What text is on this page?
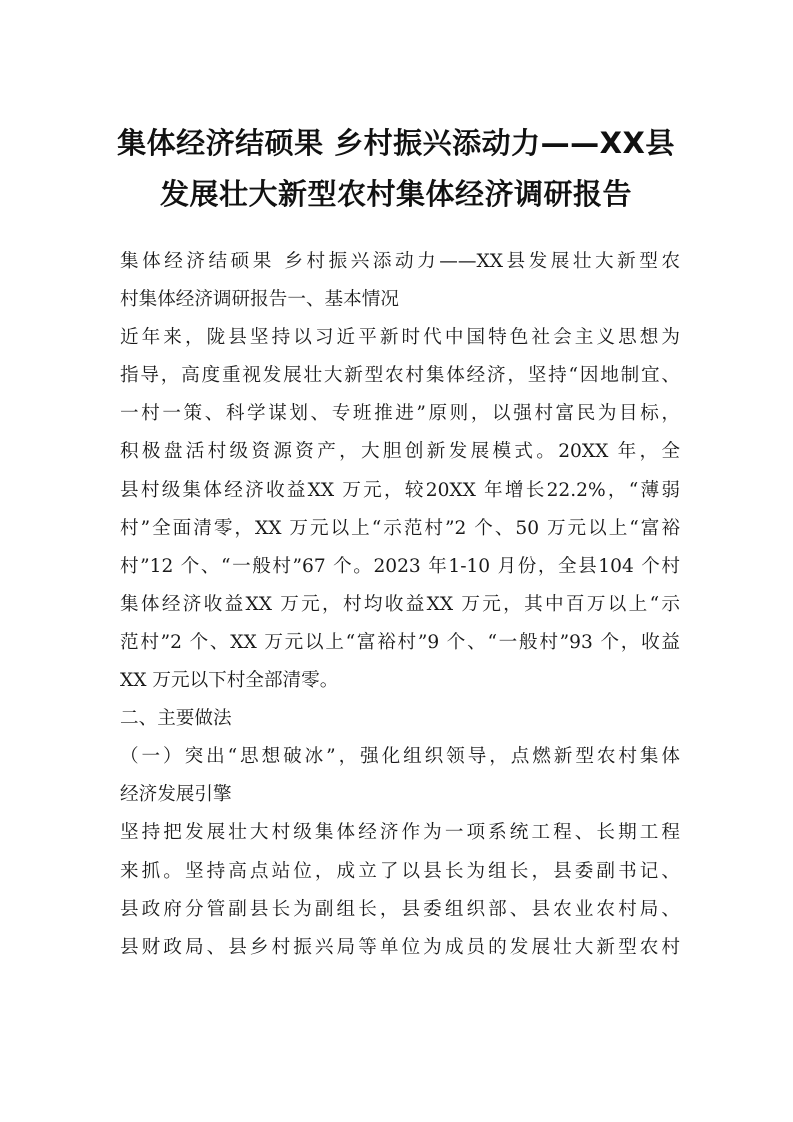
集体经济结硕果 乡村振兴添动力——XX县
发展壮大新型农村集体经济调研报告
集体经济结硕果 乡村振兴添动力——XX县发展壮大新型农
村集体经济调研报告一、基本情况
近年来，陇县坚持以习近平新时代中国特色社会主义思想为
指导，高度重视发展壮大新型农村集体经济，坚持“因地制宜、
一村一策、科学谋划、专班推进”原则，以强村富民为目标，
积极盘活村级资源资产，大胆创新发展模式。20XX 年，全
县村级集体经济收益XX 万元，较20XX 年增长22.2%，“薄弱
村”全面清零，XX 万元以上“示范村”2 个、50 万元以上“富裕
村”12 个、“一般村”67 个。2023 年1-10 月份，全县104 个村
集体经济收益XX 万元，村均收益XX 万元，其中百万以上“示
范村”2 个、XX 万元以上“富裕村”9 个、“一般村”93 个，收益
XX 万元以下村全部清零。
二、主要做法
（一）突出“思想破冰”，强化组织领导，点燃新型农村集体
经济发展引擎
坚持把发展壮大村级集体经济作为一项系统工程、长期工程
来抓。坚持高点站位，成立了以县长为组长，县委副书记、
县政府分管副县长为副组长，县委组织部、县农业农村局、
县财政局、县乡村振兴局等单位为成员的发展壮大新型农村
